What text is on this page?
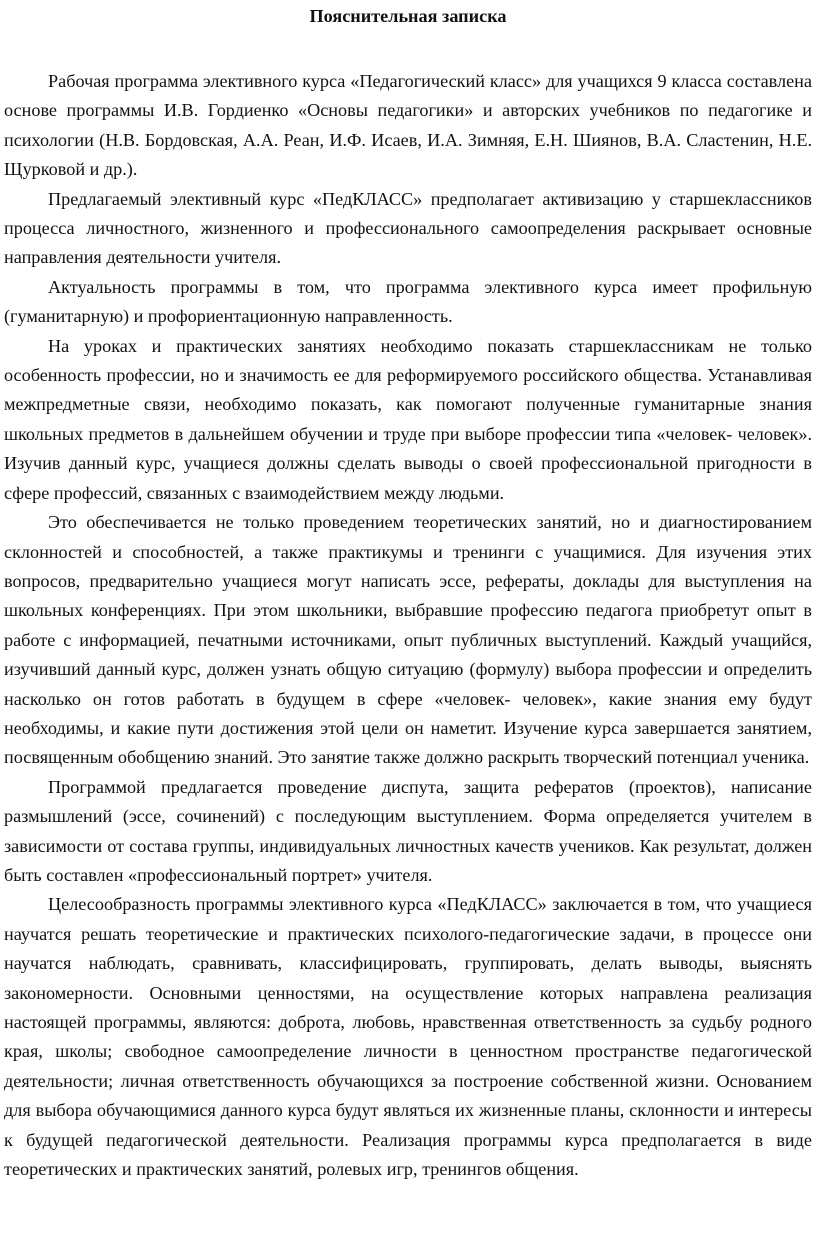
Пояснительная записка

Рабочая программа элективного курса «Педагогический класс» для учащихся 9 класса составлена основе программы И.В. Гордиенко «Основы педагогики» и авторских учебников по педагогике и психологии (Н.В. Бордовская, А.А. Реан, И.Ф. Исаев, И.А. Зимняя, Е.Н. Шиянов, В.А. Сластенин, Н.Е. Щурковой и др.).

Предлагаемый элективный курс «ПедКЛАСС» предполагает активизацию у старшеклассников процесса личностного, жизненного и профессионального самоопределения раскрывает основные направления деятельности учителя.

Актуальность программы в том, что программа элективного курса имеет профильную (гуманитарную) и профориентационную направленность.

На уроках и практических занятиях необходимо показать старшеклассникам не только особенность профессии, но и значимость ее для реформируемого российского общества. Устанавливая межпредметные связи, необходимо показать, как помогают полученные гуманитарные знания школьных предметов в дальнейшем обучении и труде при выборе профессии типа «человек- человек». Изучив данный курс, учащиеся должны сделать выводы о своей профессиональной пригодности в сфере профессий, связанных с взаимодействием между людьми.

Это обеспечивается не только проведением теоретических занятий, но и диагностированием склонностей и способностей, а также практикумы и тренинги с учащимися. Для изучения этих вопросов, предварительно учащиеся могут написать эссе, рефераты, доклады для выступления на школьных конференциях. При этом школьники, выбравшие профессию педагога приобретут опыт в работе с информацией, печатными источниками, опыт публичных выступлений. Каждый учащийся, изучивший данный курс, должен узнать общую ситуацию (формулу) выбора профессии и определить насколько он готов работать в будущем в сфере «человек- человек», какие знания ему будут необходимы, и какие пути достижения этой цели он наметит. Изучение курса завершается занятием, посвященным обобщению знаний. Это занятие также должно раскрыть творческий потенциал ученика.

Программой предлагается проведение диспута, защита рефератов (проектов), написание размышлений (эссе, сочинений) с последующим выступлением. Форма определяется учителем в зависимости от состава группы, индивидуальных личностных качеств учеников. Как результат, должен быть составлен «профессиональный портрет» учителя.

Целесообразность программы элективного курса «ПедКЛАСС» заключается в том, что учащиеся научатся решать теоретические и практических психолого-педагогические задачи, в процессе они научатся наблюдать, сравнивать, классифицировать, группировать, делать выводы, выяснять закономерности. Основными ценностями, на осуществление которых направлена реализация настоящей программы, являются: доброта, любовь, нравственная ответственность за судьбу родного края, школы; свободное самоопределение личности в ценностном пространстве педагогической деятельности; личная ответственность обучающихся за построение собственной жизни. Основанием для выбора обучающимися данного курса будут являться их жизненные планы, склонности и интересы к будущей педагогической деятельности. Реализация программы курса предполагается в виде теоретических и практических занятий, ролевых игр, тренингов общения.
